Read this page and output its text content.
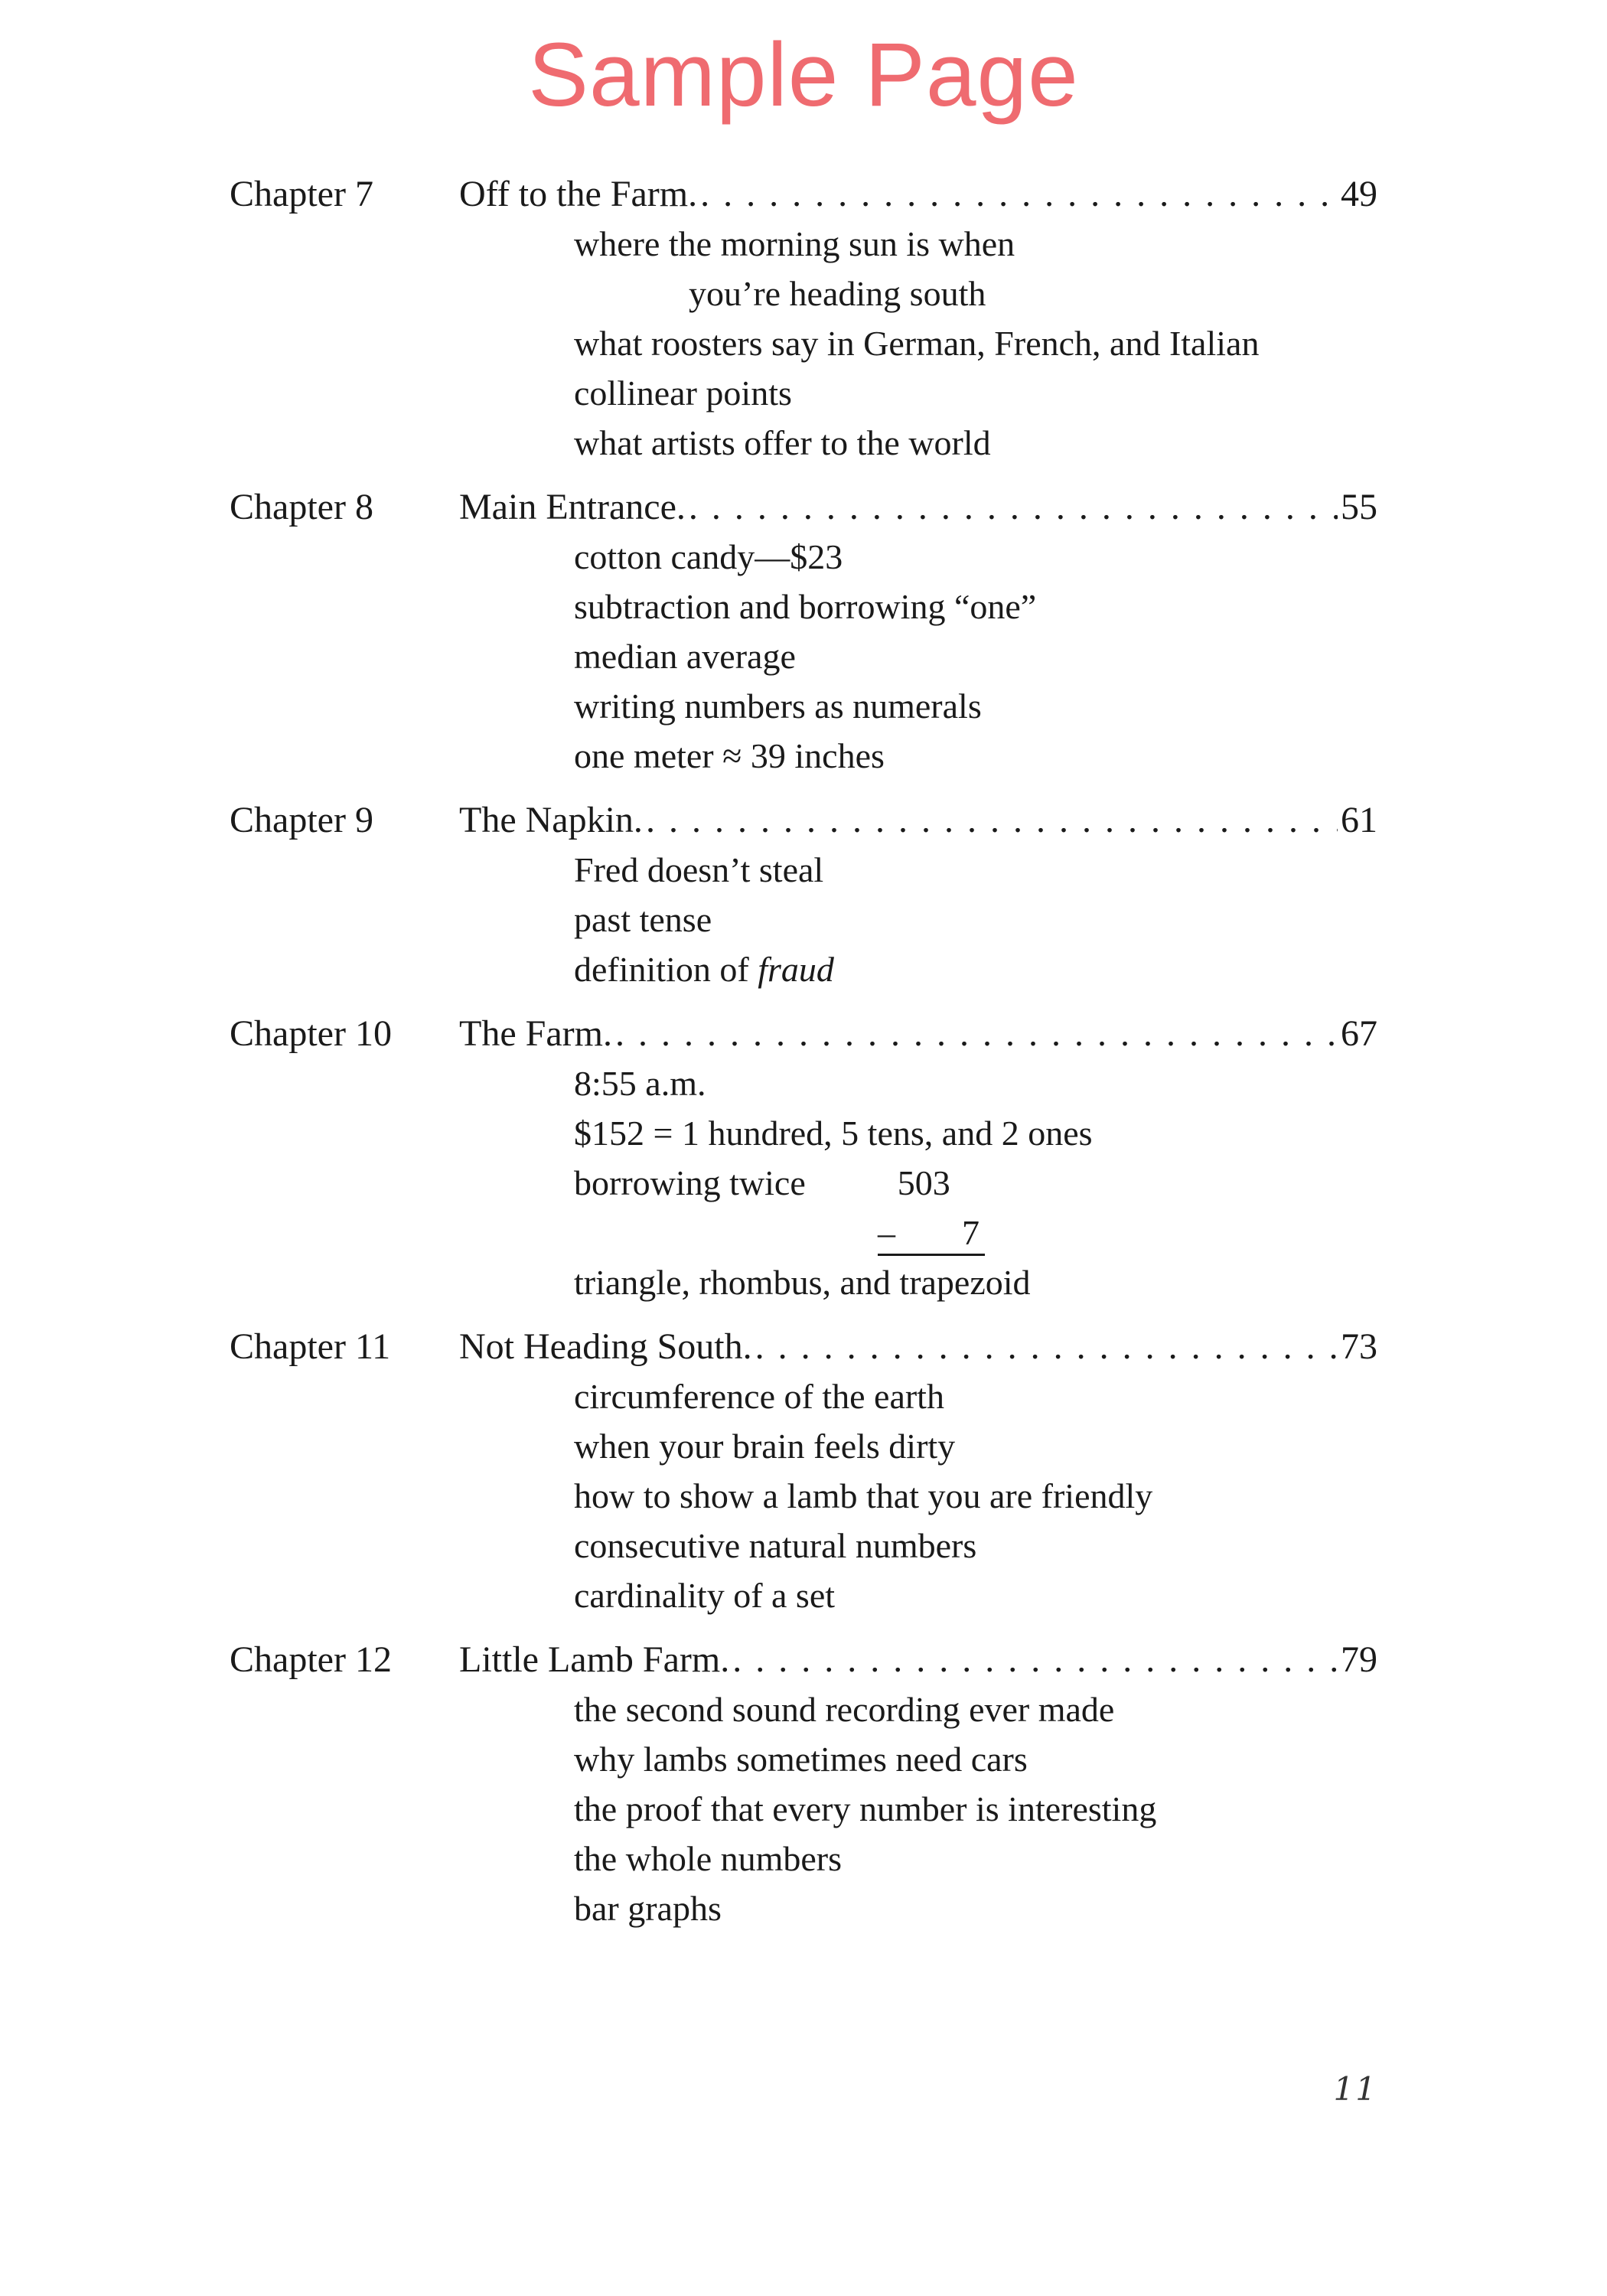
Sample Page
Chapter 7 Off to the Farm. . . .	49
where the morning sun is when
you’re heading south
what roosters say in German, French, and Italian
collinear points
what artists offer to the world
Chapter 8 Main Entrance. . . .	55
cotton candy—$23
subtraction and borrowing “one”
median average
writing numbers as numerals
one meter ≈ 39 inches
Chapter 9 The Napkin. . . .	61
Fred doesn’t steal
past tense
definition of fraud
Chapter 10 The Farm. . . .	67
8:55 a.m.
$152 = 1 hundred, 5 tens, and 2 ones
borrowing twice	503
– 7
triangle, rhombus, and trapezoid
Chapter 11 Not Heading South. . . .	73
circumference of the earth
when your brain feels dirty
how to show a lamb that you are friendly
consecutive natural numbers
cardinality of a set
Chapter 12 Little Lamb Farm. . . .	79
the second sound recording ever made
why lambs sometimes need cars
the proof that every number is interesting
the whole numbers
bar graphs
11
